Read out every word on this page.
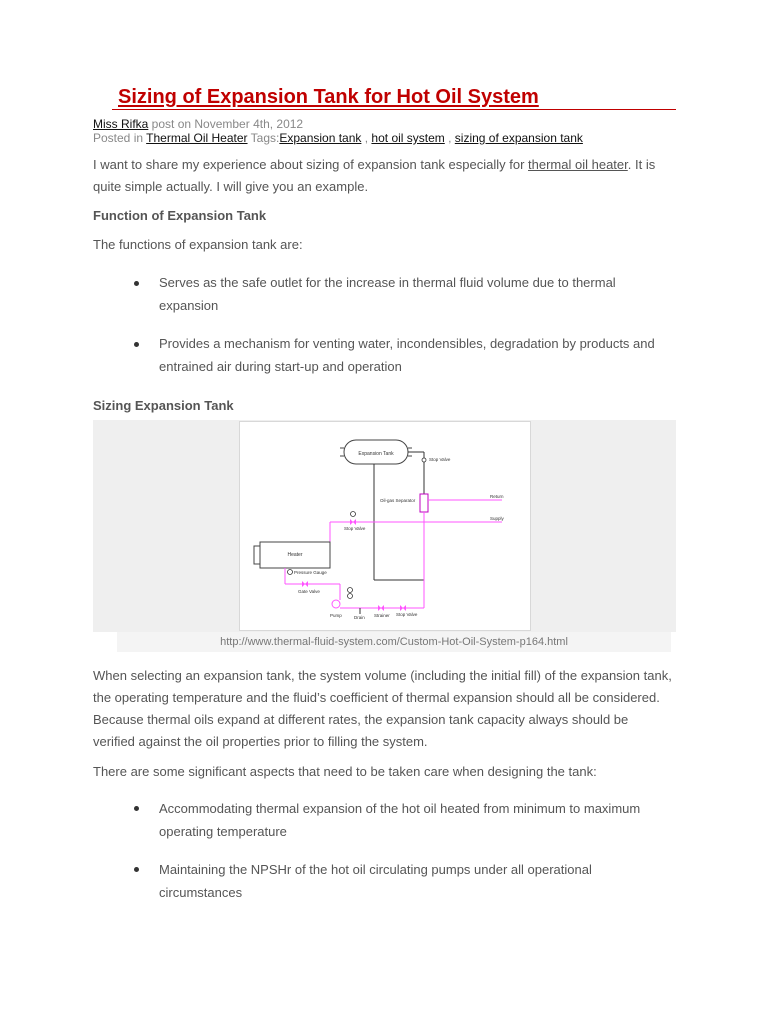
Sizing of Expansion Tank for Hot Oil System
Miss Rifka post on November 4th, 2012
Posted in Thermal Oil Heater Tags:Expansion tank , hot oil system , sizing of expansion tank

I want to share my experience about sizing of expansion tank especially for thermal oil heater. It is quite simple actually. I will give you an example.

Function of Expansion Tank

The functions of expansion tank are:

Serves as the safe outlet for the increase in thermal fluid volume due to thermal expansion
Provides a mechanism for venting water, incondensibles, degradation by products and entrained air during start-up and operation
Sizing Expansion Tank
Expansion Tank
Stop Valve
Oil-gas Separator
Return
Supply
Stop Valve
Heater
Pressure Gauge
Gate Valve
Pump	Drain Strainer Stop Valve
http://www.thermal-fluid-system.com/Custom-Hot-Oil-System-p164.html

When selecting an expansion tank, the system volume (including the initial fill) of the expansion tank, the operating temperature and the fluid’s coefficient of thermal expansion should all be considered. Because thermal oils expand at different rates, the expansion tank capacity always should be verified against the oil properties prior to filling the system.

There are some significant aspects that need to be taken care when designing the tank:

Accommodating thermal expansion of the hot oil heated from minimum to maximum operating temperature
Maintaining the NPSHr of the hot oil circulating pumps under all operational circumstances
